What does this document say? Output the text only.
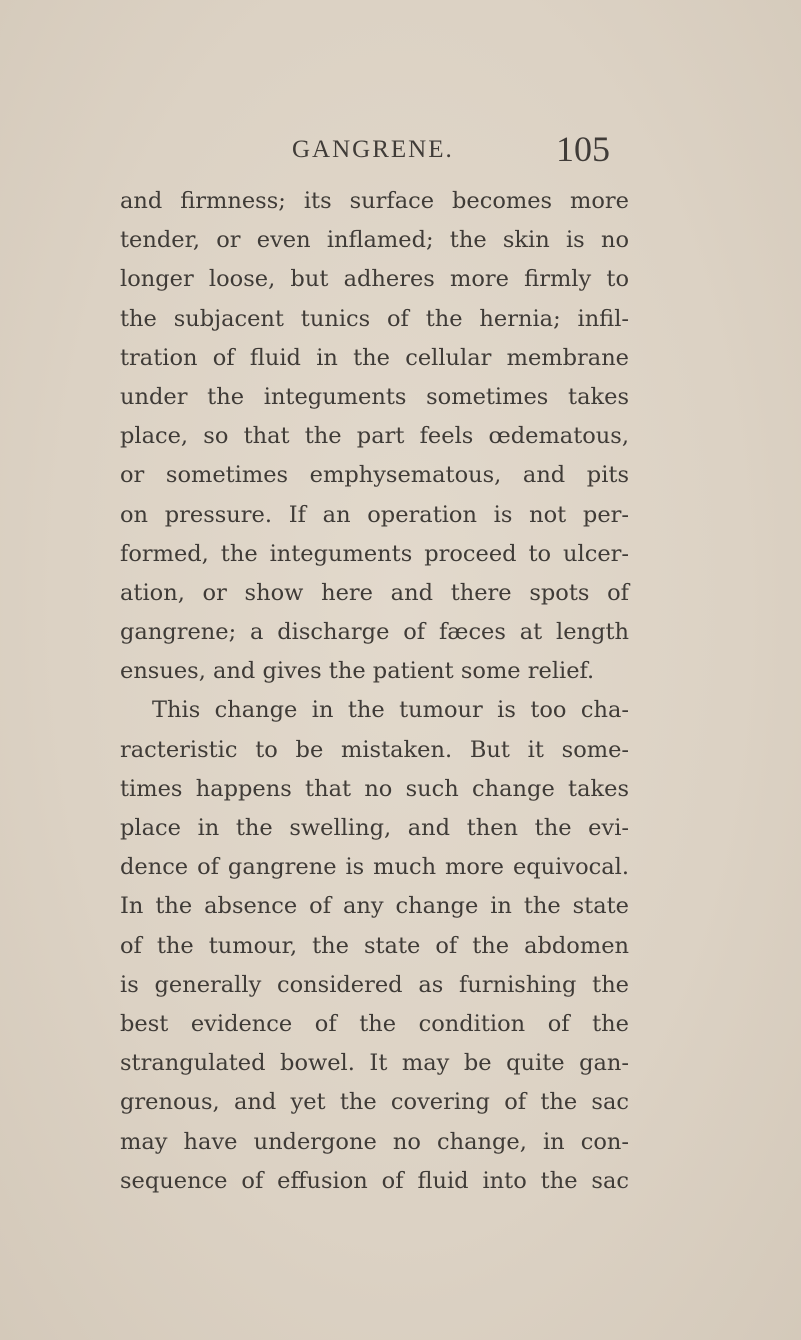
GANGRENE.	105
and firmness; its surface becomes more
tender, or even inflamed; the skin is no
longer loose, but adheres more firmly to
the subjacent tunics of the hernia; infil-
tration of fluid in the cellular membrane
under the integuments sometimes takes
place, so that the part feels œdematous,
or sometimes emphysematous, and pits
on pressure. If an operation is not per-
formed, the integuments proceed to ulcer-
ation, or show here and there spots of
gangrene; a discharge of fæces at length
ensues, and gives the patient some relief.
This change in the tumour is too cha-
racteristic to be mistaken. But it some-
times happens that no such change takes
place in the swelling, and then the evi-
dence of gangrene is much more equivocal.
In the absence of any change in the state
of the tumour, the state of the abdomen
is generally considered as furnishing the
best evidence of the condition of the
strangulated bowel. It may be quite gan-
grenous, and yet the covering of the sac
may have undergone no change, in con-
sequence of effusion of fluid into the sac
